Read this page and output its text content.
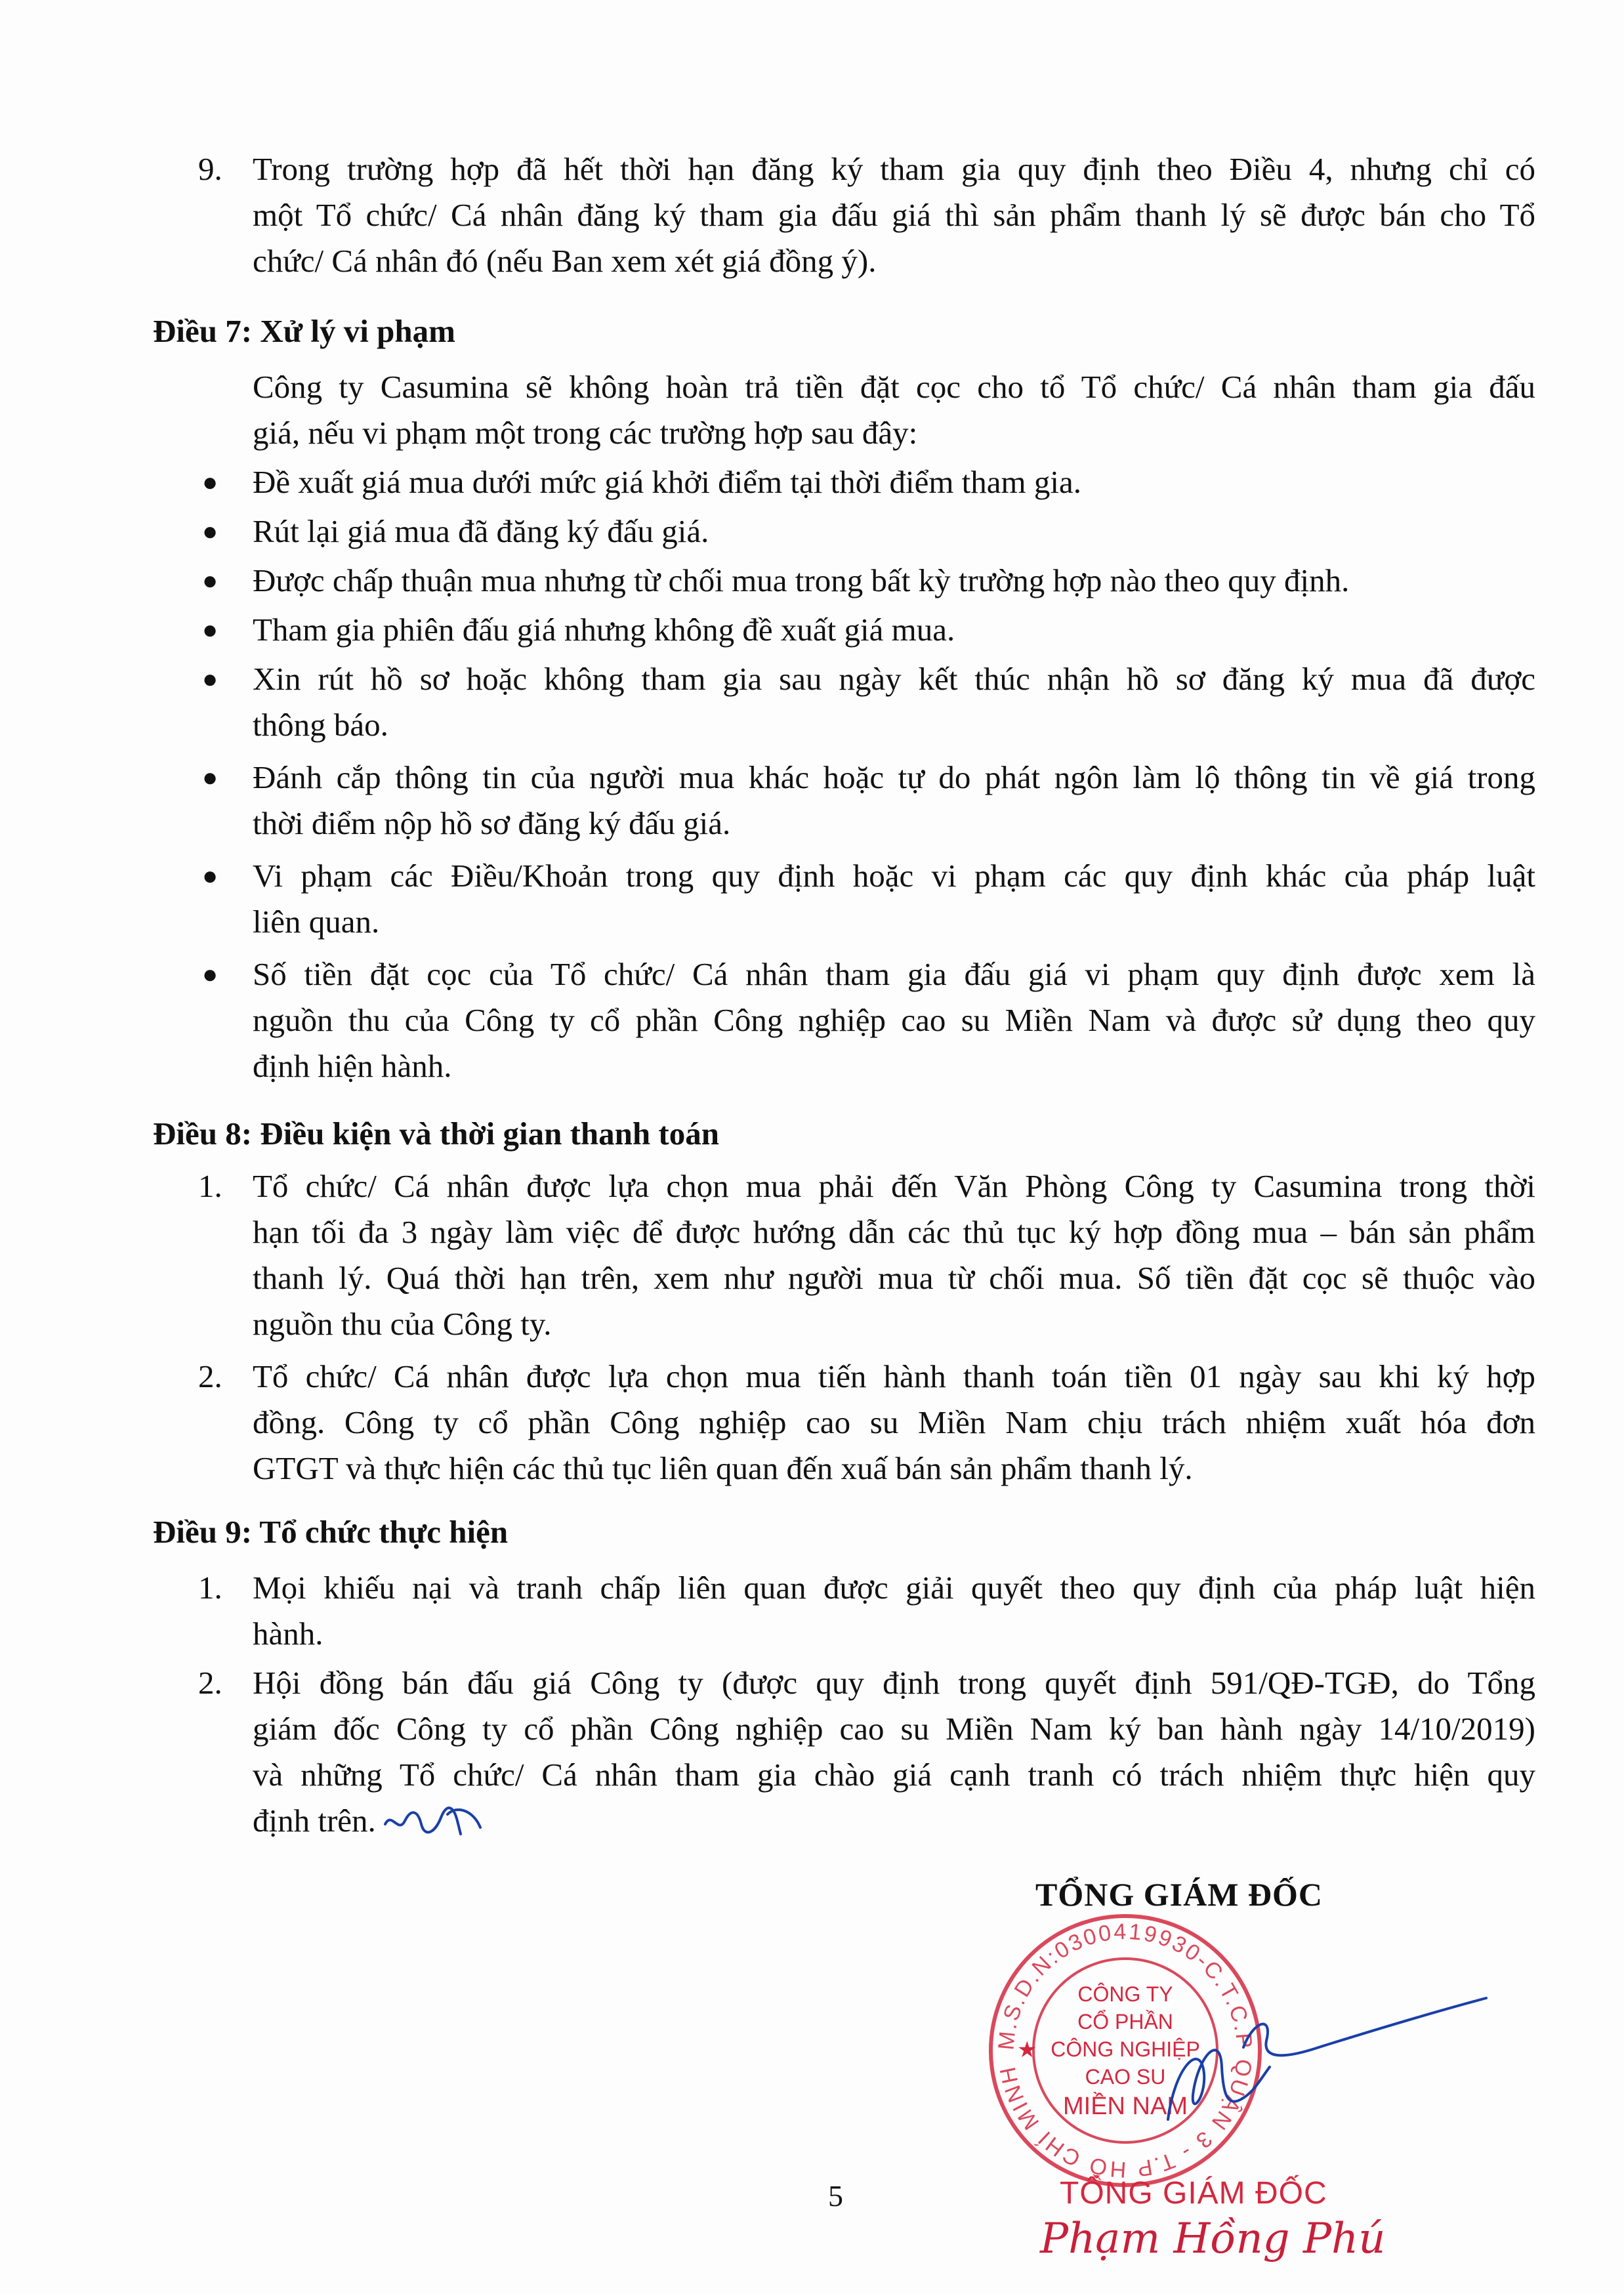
9. Trong trường hợp đã hết thời hạn đăng ký tham gia quy định theo Điều 4, nhưng chỉ có
một Tổ chức/ Cá nhân đăng ký tham gia đấu giá thì sản phẩm thanh lý sẽ được bán cho Tổ
chức/ Cá nhân đó (nếu Ban xem xét giá đồng ý).
Điều 7: Xử lý vi phạm
Công ty Casumina sẽ không hoàn trả tiền đặt cọc cho tổ Tổ chức/ Cá nhân tham gia đấu
giá, nếu vi phạm một trong các trường hợp sau đây:
● Đề xuất giá mua dưới mức giá khởi điểm tại thời điểm tham gia.
● Rút lại giá mua đã đăng ký đấu giá.
● Được chấp thuận mua nhưng từ chối mua trong bất kỳ trường hợp nào theo quy định.
● Tham gia phiên đấu giá nhưng không đề xuất giá mua.
● Xin rút hồ sơ hoặc không tham gia sau ngày kết thúc nhận hồ sơ đăng ký mua đã được
thông báo.
● Đánh cắp thông tin của người mua khác hoặc tự do phát ngôn làm lộ thông tin về giá trong
thời điểm nộp hồ sơ đăng ký đấu giá.
● Vi phạm các Điều/Khoản trong quy định hoặc vi phạm các quy định khác của pháp luật
liên quan.
● Số tiền đặt cọc của Tổ chức/ Cá nhân tham gia đấu giá vi phạm quy định được xem là
nguồn thu của Công ty cổ phần Công nghiệp cao su Miền Nam và được sử dụng theo quy
định hiện hành.
Điều 8: Điều kiện và thời gian thanh toán
1. Tổ chức/ Cá nhân được lựa chọn mua phải đến Văn Phòng Công ty Casumina trong thời
hạn tối đa 3 ngày làm việc để được hướng dẫn các thủ tục ký hợp đồng mua – bán sản phẩm
thanh lý. Quá thời hạn trên, xem như người mua từ chối mua. Số tiền đặt cọc sẽ thuộc vào
nguồn thu của Công ty.
2. Tổ chức/ Cá nhân được lựa chọn mua tiến hành thanh toán tiền 01 ngày sau khi ký hợp
đồng. Công ty cổ phần Công nghiệp cao su Miền Nam chịu trách nhiệm xuất hóa đơn
GTGT và thực hiện các thủ tục liên quan đến xuấ bán sản phẩm thanh lý.
Điều 9: Tổ chức thực hiện
1. Mọi khiếu nại và tranh chấp liên quan được giải quyết theo quy định của pháp luật hiện
hành.
2. Hội đồng bán đấu giá Công ty (được quy định trong quyết định 591/QĐ-TGĐ, do Tổng
giám đốc Công ty cổ phần Công nghiệp cao su Miền Nam ký ban hành ngày 14/10/2019)
và những Tổ chức/ Cá nhân tham gia chào giá cạnh tranh có trách nhiệm thực hiện quy
định trên.
TỔNG GIÁM ĐỐC
M.S.D.N:0300419930-C.T.C.P QUẬN 3 - T.P HỒ CHÍ MINH
★
CÔNG TY
CỔ PHẦN
CÔNG NGHIỆP
CAO SU
MIỀN NAM
TỔNG GIÁM ĐỐC
Phạm Hồng Phú
5
